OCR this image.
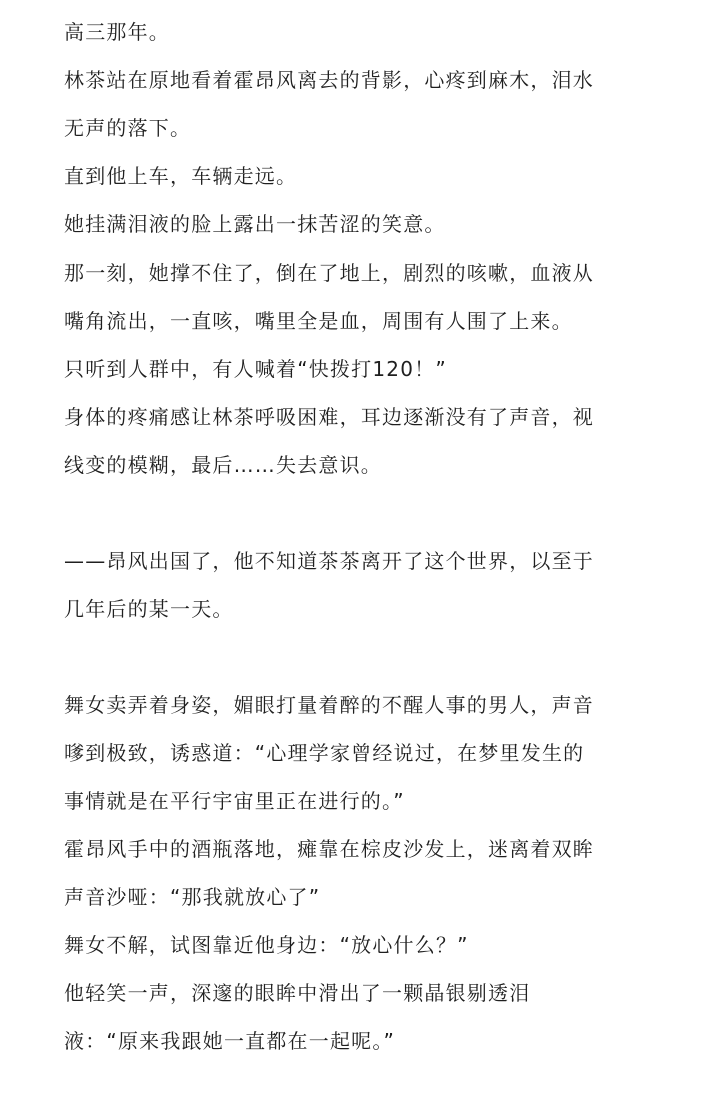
高三那年。
林茶站在原地看着霍昂风离去的背影，心疼到麻木，泪水
无声的落下。
直到他上车，车辆走远。
她挂满泪液的脸上露出一抹苦涩的笑意。
那一刻，她撑不住了，倒在了地上，剧烈的咳嗽，血液从
嘴角流出，一直咳，嘴里全是血，周围有人围了上来。
只听到人群中，有人喊着“快拨打120！”
身体的疼痛感让林茶呼吸困难，耳边逐渐没有了声音，视
线变的模糊，最后……失去意识。
——昂风出国了，他不知道茶茶离开了这个世界，以至于
几年后的某一天。
舞女卖弄着身姿，媚眼打量着醉的不醒人事的男人，声音
嗲到极致，诱惑道：“心理学家曾经说过，在梦里发生的
事情就是在平行宇宙里正在进行的。”
霍昂风手中的酒瓶落地，瘫靠在棕皮沙发上，迷离着双眸
声音沙哑：“那我就放心了”
舞女不解，试图靠近他身边：“放心什么？”
他轻笑一声，深邃的眼眸中滑出了一颗晶银剔透泪
液：“原来我跟她一直都在一起呢。”
